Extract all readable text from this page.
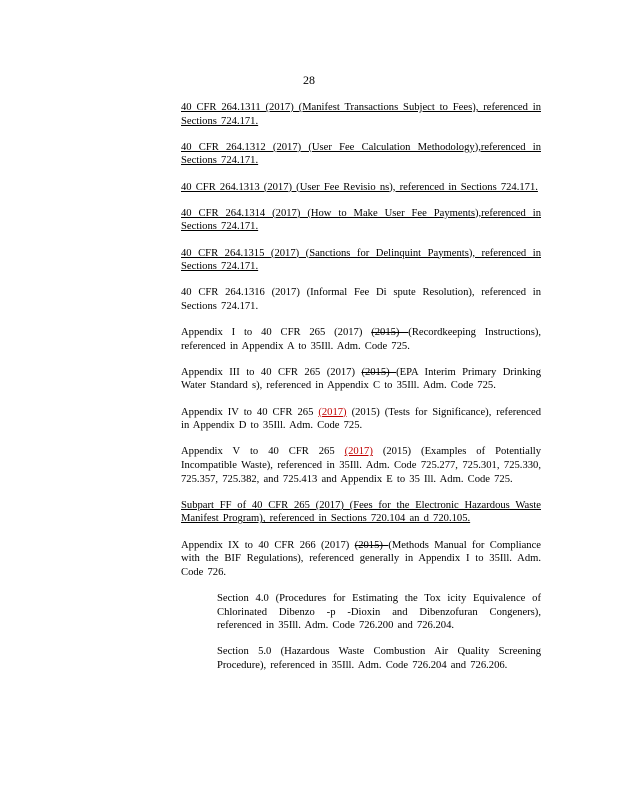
28

40 CFR 264.1311 (2017) (Manifest Transactions Subject to Fees), referenced in Sections 724.171.

40 CFR 264.1312 (2017) (User Fee Calculation Methodology),referenced in Sections 724.171.

40 CFR 264.1313 (2017) (User Fee Revisio ns), referenced in Sections 724.171.

40 CFR 264.1314 (2017) (How to Make User Fee Payments),referenced in Sections 724.171.

40 CFR 264.1315 (2017) (Sanctions for Delinquint Payments), referenced in Sections 724.171.

40 CFR 264.1316 (2017) (Informal Fee Di spute Resolution), referenced in Sections 724.171.

Appendix I to 40 CFR 265 (2017) (2015) (Recordkeeping Instructions), referenced in Appendix A to 35Ill. Adm. Code 725.

Appendix III to 40 CFR 265 (2017) (2015) (EPA Interim Primary Drinking Water Standard s), referenced in Appendix C to 35Ill. Adm. Code 725.

Appendix IV to 40 CFR 265 (2017) (2015) (Tests for Significance), referenced in Appendix D to 35Ill. Adm. Code 725.

Appendix V to 40 CFR 265 (2017) (2015) (Examples of Potentially Incompatible Waste), referenced in 35Ill. Adm. Code 725.277, 725.301, 725.330, 725.357, 725.382, and 725.413 and Appendix E to 35 Ill. Adm. Code 725.

Subpart FF of 40 CFR 265 (2017) (Fees for the Electronic Hazardous Waste Manifest Program), referenced in Sections 720.104 an d 720.105.

Appendix IX to 40 CFR 266 (2017) (2015) (Methods Manual for Compliance with the BIF Regulations), referenced generally in Appendix I to 35Ill. Adm. Code 726.

Section 4.0 (Procedures for Estimating the Tox icity Equivalence of Chlorinated Dibenzo -p -Dioxin and Dibenzofuran Congeners), referenced in 35Ill. Adm. Code 726.200 and 726.204.

Section 5.0 (Hazardous Waste Combustion Air Quality Screening Procedure), referenced in 35Ill. Adm. Code 726.204 and 726.206.
